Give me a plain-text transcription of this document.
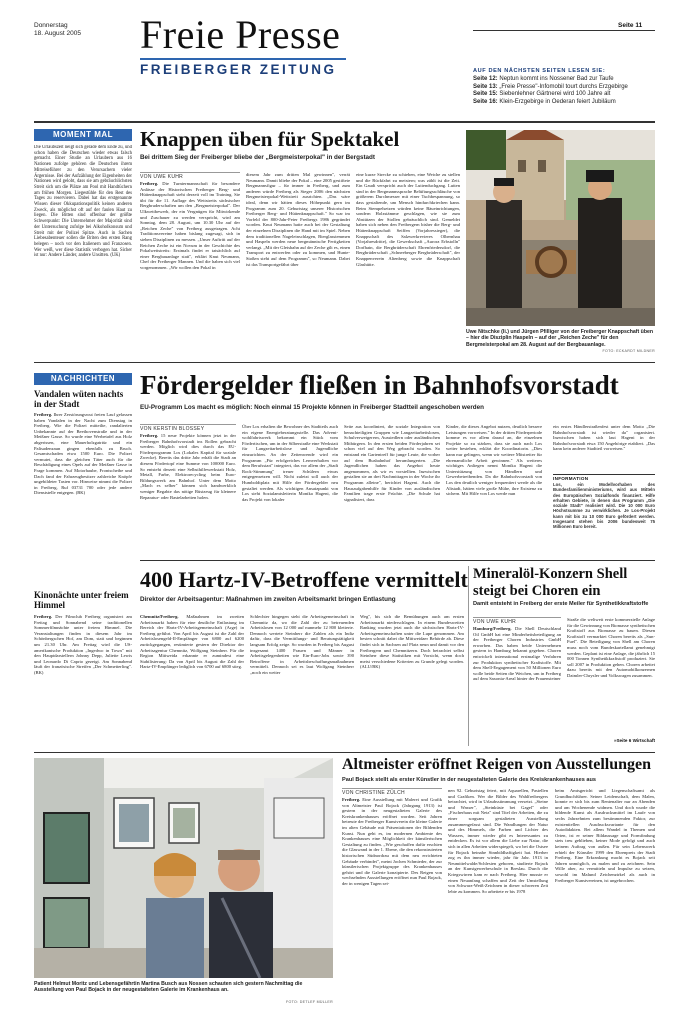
Donnerstag
18. August 2005 Freie Presse
FREIBERGER ZEITUNG
Seite 11
AUF DEN NÄCHSTEN SEITEN LESEN SIE:
Seite 12: Neptun kommt ins Nossener Bad zur Taufe
Seite 13: „Freie Presse"-Infomobil tourt durchs Erzgebirge
Seite 15: Siebenlehner Gärtnerei wird 100 Jahre alt
Seite 16: Klein-Erzgebirge in Oederan feiert Jubiläum
MOMENT MAL
Die Urlaubszeit neigt sich gerade dem Ende zu, und schon haben die Deutschen wieder etwas falsch gemacht. Einer Studie an Urlaubern aus 16 Nationen zufolge gehören die Deutschen ihrem Mitreiseführer zu den Verursachern vieler Ärgernisse. Bei der Aufzählung der Eigenheiten der Nationen wird gelobt, dass sie am gebräuchlichsten Streit sich um die Plätze am Pool mit Handtüchern am frühen Morgen. Liegestühle für den Rest des Tages zu reservieren. Dabei hat das erstgenannte Wissen dieser Okkupationspolitik keinen anderen Zweck, als möglichst oft auf der faulen Haut zu liegen. Die Bitten sind offenbar der größte Schwerpunkt: Die Unternehmer der Majorität sind der Untersuchung zufolge bei Alkoholkonsum und Streit mit der Polizei Spitze. Auch in Sachen Liebesabenteuer sollen die Briten den ersten Rang belegen – noch vor den Italienern und Franzosen. Wer weiß, wer diese Statistik verbogen hat. Sicher ist nur: Andere Länder, andere Unsitten. (UK)
Knappen üben für Spektakel
Bei drittem Sieg der Freiberger bliebe der „Bergmeisterpokal" in der Bergstadt
VON UWE KUHR
Freiberg. Die Turniermannschaft für besondere Anlässe der Historischen Freiberger Berg- und Hüttenknappschaft steht derzeit voll im Training. Sie übt für die 11. Auflage des Wettstreits sächsischer Bergbruderschaften um den „Bergmeisterpokal". Der Ulkwettbewerb, der ein Vergnügen für Mitwirkende und Zuschauer zu werden verspricht, wird am Sonntag, dem 28. August, um 10.30 Uhr auf der „Reichen Zeche" von Freiberg ausgetragen. Acht Traditionsvereine haben bislang zugesagt, sich in sieben Disziplinen zu messen. „Unser Auftritt auf der Reichen Zeche ist ein Novum in der Geschichte des Pokalwettstreits: Erstmals findet er tatsächlich auf einer Bergbauanlage statt", erklärt Knut Neumann, Chef der Freiberger Mannen. Und die haben sich viel vorgenommen. „Wir wollen den Pokal in
diesem Jahr zum dritten Mal gewinnen", verrät Neumann. Damit bliebe der Pokal – eine 2005 gestiftete Bergmannsfigur – für immer in Freiberg, und zum anderen würde Freiberg als Sieger 2006 den nächsten Bergmeisterpokal-Wettstreit ausrichten. „Das wäre ideal, denn wir hätten dieses Höhepunkt gern im Programm zum 20. Geburtstag unserer Historischen Freiberger Berg- und Hüttenknappschaft." So war im Vorfeld der 800-Jahr-Feier Freibergs 1986 gegründet worden. Knut Neumann hatte auch bei der Gestaltung der einzelnen Disziplinen die Hand mit im Spiel. Neben dem traditionellen Nageleinschlagen, Bierglasstemmen und Haspeln werden neue bergmännische Fertigkeiten verlangt. „Mit der Gleisbahn auf der Zeche gilt es, einen Transport zu entwerfen oder zu kommen, und Hunte-Stoßen steht auf dem Programm", so Neumann. Dabei ist das Transportgefährt über
eine kurze Strecke zu schieben, eine Weiche zu stellen und die Rückfahrt zu meistern; was zählt ist die Zeit. Ein Gaudi verspricht auch der Luttenduchgang. Lutten sind in der Bergmannssprache Belüftungsschläuche von größerem Durchmesser mit einer Tuchbespannung, so dass gestaltende, um Mensch hindurchkriechen kann. Beim Stempelsetzen würden keine Bäueinrichtungen, sondern Holzstämme geschlagen, wie sie zum Abstützen der Stollen gebräuchlich sind. Gemeldet haben sich neben den Freibergern bisher die Berg- und Hüttenknappschaft Seiffen (Vorjahressieger), die Knappschaft des Salzwerkrevieres Olbernhau (Vorjahresdritte), die Gewerkschaft „Aurora Erbstolln" Dorfhain, die Bergbrüderschaft Ehrenfriedersdorf, die Bergbrüderschaft „Schneeberger Bergbrüderschaft", der Knappenverein Altenberg sowie die Knappschaft Glashütte.
Uwe Nitschke (li.) und Jürgen Pfilliger von der Freiberger Knappschaft üben – hier die Disziplin Haspeln – auf der „Reichen Zeche" für den Bergmeisterpokal am 28. August auf der Bergbauanlage.
FOTO: ECKARDT MILDNER
NACHRICHTEN
Vandalen wüten nachts in der Stadt
Freiberg. Ihrer Zerstörungswut freien Lauf gelassen haben Vandalen in der Nacht zum Dienstag in Freiberg. Wie die Polizei mitteilte, randalierten Unbekannte auf der Beethovenstraße und in der Meißner Gasse. So wurde eine Werbetafel aus Holz abgerissen, eine Mauerholzgatrtür und ein Palisadenzaun gingen ebenfalls zu Bruch. Gesamtschaden etwa 1500 Euro. Die Polizei vermutet, dass die gleichen Täter auch für die Beschädigung eines Opels auf der Meißner Gasse in Frage kommen. Auf Motorhaube, Frontscheibe und Dach fand der Fahrzeugbesitzer zahlreiche Knöpfe ungebildeter Tasten vor. Hinweise nimmt die Polizei in Freiberg, Ruf 03731 700 oder jede andere Dienststelle entgegen. (BK)
Kinonächte unter freiem Himmel
Freiberg. Der Filmclub Freiberg organisiert am Freitag und Sonnabend seine traditionellen Sommerfilmnächte unter freiem Himmel. Die Veranstaltungen finden in diesem Jahr im Schönbergschen Hof, am Dom, statt und beginnen um 21.30 Uhr. Am Freitag wird die US-amerikanische Produktion „Ingedwo in Town" mit den Hauptdarstellern Johnny Depp, Juliette Lewis und Leonardo Di Caprio gezeigt. Am Sonnabend läuft der französische Streifen „Der Schmetterling". (BK)
Fördergelder fließen in Bahnhofsvorstadt
EU-Programm Los macht es möglich: Noch einmal 15 Projekte können in Freiberger Stadtteil angeschoben werden
VON KERSTIN BLOSSEY
Freiberg. 15 neue Projekte können jetzt in der Freiberger Bahnhofsvorstadt ins Rollen gebracht werden. Möglich wird dies durch das EU-Förderprogramm Los (Lokales Kapital für soziale Zwecke). Bereits das dritte Jahr erhält die Stadt an diesem Fördertopf eine Summe von 100000 Euro. So entsteht derzeit eine Selbsthilfewerkstatt Holz, Metall, Farbe, Elektrorecycling beim Euro-Bildungswerk am Bahnhof. Unter dem Motto „Mach es selber" können sich handwerklich weniger Begabte das nötige Rüstzeug für kleinere Reparatur- oder Bastelarbeiten holen.
Über Los erhalten die Bewohner des Stadtteils auch ein eigene Energieberatungsstelle. Das Advent-wohlfahrtswerk bekommt ein Stück vom Fördertischen, um in der Silberstraße eine Werkstatt für Langzeitarbeitslose und Jugendliche einzurichten. An der Zeitenwende wird ein Programm „Für erfolgreiches Lernverhalten vor dem Berufsstart" integriert, das vor allem der „Stadt Rock-Stimmung" treuer Schülern etwas entgegensetzen will. Nicht zuletzt soll auch der Humboldtplatz mit Hilfe der Fördergelder neu gestaltet werden. Als wichtigen Ansatzpunkt von Los sieht Sozialamtsleiterin Monika Hageni, die das Projekt von lokaler
Seite aus koordiniert, die soziale Integration von benachteiligten Gruppen wie Langzeitarbeitslosen, Schulverweigerern, Aussiedlern oder ausländischen Mitbürgern. In den ersten beiden Förderjahren sei schon viel auf den Weg gebracht worden. So entstand ein Gartentreff für junge Leute, die vorher auf dem Busbahnhof herumlungerten. „Die Jugendlichen haben das Angebot heute angenommen, als wir es vorstellten. Inzwischen gestalten sie an drei Nachmittagen in der Woche ihr Programm alleine", berichtet Hageni. Auch die Hausaufgabenhilfe für Kinder von ausländischen Familien trage erste Früchte. „Die Schule hat signalisiert, dass
Kinder, die dieses Angebot nutzen, deutlich bessere Leistungen vorweisen." In der dritten Förderperiode komme es vor allem darauf an, die einzelnen Projekte so zu stärken, dass sie auch nach Los weiter bestehen, erklärt die Koordinatorin. „Dies kann nur gelingen, wenn wir weitere Mitstreiter für ehrenamtliche Arbeit gewinnen." Als weiteres wichtiges Anliegen nennt Monika Hageni die Unterstützung von Händlern und Gewerbetreibenden. Da die Bahnhofsvorstadt von Los den deutlich weniger frequentiert werde als die Altstadt, hätten viele große Mühe, ihre Existenz zu sichern. Mit Hilfe von Los werde nun
ein erstes Händlerstraßenfest unter dem Motto „Die Bahnhofsvorstadt ist wieder da" organisiert. Inzwischen haben sich laut Hageni in der Bahnhofsvorstadt etwa 150 Angehörige etabliert. „Das kann kein anderer Stadtteil vorweisen."
INFORMATION
Los, ein Modellvorhaben des Bundesfamilienministeriums, wird aus Mitteln des Europäischen Sozialfonds finanziert. Hilfe erhalten Gebiete, in denen das Programm „Die soziale Stadt" realisiert wird. Die 10 000 Euro Höchstsumme zu verwirklichen. Je Los-Projekt kann mit bis zu 10 000 Euro gefördert werden. Insgesamt stehen bis 2006 bundesweit 75 Millionen Euro bereit.
400 Hartz-IV-Betroffene vermittelt
Direktor der Arbeitsagentur: Maßnahmen im zweiten Arbeitsmarkt bringen Entlastung
Chemnitz/Freiberg. Maßnahmen im zweiten Arbeitsmarkt haben für eine deutliche Entlastung im Bereich der Hartz-IV-Arbeitsgemeinschaft (Arge) in Freiberg geführt. Von April bis August ist die Zahl der Arbeitslosengeld-II-Empfänger von 6800 auf 6200 zurückgegangen, resümierte gestern der Direktor der Arbeitsagentur Chemnitz, Wolfgang Steinherr. Für die Region Mittweida erkannte er zumindest eine Stabilisierung: Da von April bis August die Zahl der Hartz-IV-Empfänger lediglich von 6700 auf 6800 stieg.
Schlechter hingegen steht die Arbeitsgemeinschaft in Chemnitz da, wo die Zahl der zu betreuenden Arbeitslosen von 12 000 auf nunmehr 12 800 kletterte. Dennoch wertete Steinherr die Zahlen als ein Indiz dafür, dass die Vermittlungs- und Beratungstätigkeit langsam Erfolg zeige. So wurden in Freiberg bis August insgesamt 1400 Frauen und Männer in Arbeitsgelegenheiten wie Ein-Euro-Jobs sowie 390 Betroffene in Arbeitsbeschaffungsmaßnahmen vermittelt. Dennoch sei es laut Wolfgang Steinherr „noch ein weiter
Weg", bis sich die Bemühungen auch am ersten Arbeitsmarkt niederschlagen. In einem Bundesweiten Ranking wurden jetzt auch die sächsischen Hartz-IV-Arbeitsgemeinschaften unter die Lupe genommen. Am besten schnitt dabei die Mittweidaer Behörde ab. Diese findet sich in Sachsen auf Platz neun und damit vor den Freibergern und Chemnitzern. Doch betrachtet selbst Steinherr diese Statistiken mit Vorsicht, wenn doch meist verschiedene Kriterien zu Grunde gelegt worden. (ALU/BK)
Mineralöl-Konzern Shell steigt bei Choren ein
Damit entsteht in Freiberg der erste Meiler für Synthetikkraftstoffe
VON UWE KUHR
Hamburg/Freiberg. Die Shell Deutschland Oil GmbH hat eine Minderheitsbeteiligung an der Freiberger Choren Industries GmbH erworben. Das haben beide Unternehmen gestern in Hamburg bekannt gegeben. Choren entwickelt international erstmalige Verfahren zur Produktion synthetischer Kraftstoffe. Mit dem Shell-Engagement von 50 Millionen Euro wolle beide Seiten die Weichen, um in Freiberg auf dem Saxonia-Areal hinter der Frauensteiner
Straße die weltweit erste kommerzielle Anlage für die Gewinnung von Biomasse synthetischen Kraftstoff aus Biomasse zu bauen. Diesen Kraftstoff vermarktet Choren bereits als „Sun-Fuel". Die Beteiligung von Shell am Choren muss noch vom Bundeskartellamt genehmigt werden. Geplant ist eine Anlage, die jährlich 15 000 Tonnen Synthetikkraftstoff produziert. Sie soll 2007 in Produktion gehen. Choren arbeitet dazu bereits mit den Automobilkonzernen Daimler-Chrysler und Volkswagen zusammen.
»Seite 6 Wirtschaft
Patient Helmut Moritz und Lebensgefährtin Martina Busch aus Nossen schauten sich gestern Nachmittag die Ausstellung von Paul Bojack in der neugestalteten Galerie im Krankenhaus an.
FOTO: DETLEF MÜLLER
Altmeister eröffnet Reigen von Ausstellungen
Paul Bojack stellt als erster Künstler in der neugestalteten Galerie des Kreiskrankenhauses aus
VON CHRISTINE ZÜLCH
Freiberg. Eine Ausstellung mit Malerei und Grafik von Altmeister Paul Bojack (Jahrgang 1913) ist gestern in der neugestalteten Galerie des Kreiskrankenhauses eröffnet worden. Seit Jahren betreute der Freiberger Kunstverein die kleine Galerie im alten Gebäude mit Präsentationen der Bildenden Kunst. Nun geht es, im modernen Ambiente des Krankenhauses eine Möglichkeit der künstlerischen Gestaltung zu finden. „Wie geschaffen dafür erschien die Glaswand in der 1. Ebene, die den rekonstruierten historischen Südnordrau mit dem neu errichteten Gebäude verbindet", meint Jochen Schmieder, der zur künstlerischen Projektgruppe des Krankenhauses gehört und die Galerie konzipierte. Des Reigen von wechselnden Ausstellungen eröffnet nun Paul Bojack, der in wenigen Tagen sei-
nen 92. Geburtstag feiert, mit Aquarellen, Pastellen und Grafiken. Wer die Bilder des Wahlfreibergers betrachtet, wird in Urlaubsstimmung versetzt. „Steine und Wasser", „Steinküste bei Gagel" oder „Fischerhaus mit Netz" sind Titel der Arbeiten, die zu einer sorgsam gestalteten Ausstellung zusammengefasst sind. Die Wandlungen der Natur und des Himmels, die Farben und Lichter des Wassers, immer wieder gibt es Interessantes zu entdecken. Es ist vor allem die Liebe zur Natur, die sich in allen Arbeiten widerspiegelt, wo bei die Ostsee für Bojack beinahe Sinnbildhaftigkeit hat. Hierher zog es ihn immer wieder, jahr für Jahr. 1913 in Neumittelwalde/Schlesien geboren, studierte Bojack an der Kunstgewerbeschule in Breslau. Durch die Kriegswirren kam er nach Freiberg. Hier musste er einen Neuanfang schaffen und Zeit der Umstellung von Schwarz-Weiß-Zeichnen in dieser schweren Zeit lebte zu kommen. So arbeitete er bis 1978
beim Amtsgericht und Liegenschaftsamt als Grundbuchführer. Seiner Leidenschaft, dem Malen, konnte er sich bis zum Rentenalter nur an Abenden und am Wochenende widmen. Und doch wurde die bildende Kunst als Ausdrucksmittel im Laufe von sechs Jahrzehnten zum bestimmenden Faktor, zur existentiellen Ausdrucksvariante für den Autodidakten. Bei allem Wandel in Themen und Orten, ist er seiner Bildaussage und Formfindung stets treu geblieben, keiner Mode gefolgt und auch keinem Auftrag von außen. Für sein Lebenswerk erhielt der Künstler 1999 den Ehrenpreis der Stadt Freiberg. Eine Erkrankung macht es Bojack seit Jahren unmöglich, zu malen und zu zeichnen. Sein Wille aber, zu vermitteln und Impulse zu setzen, sowohl im Malund Zeichenzirkel als auch in Freiberger Kunstvereinen, ist ungebrochen.
